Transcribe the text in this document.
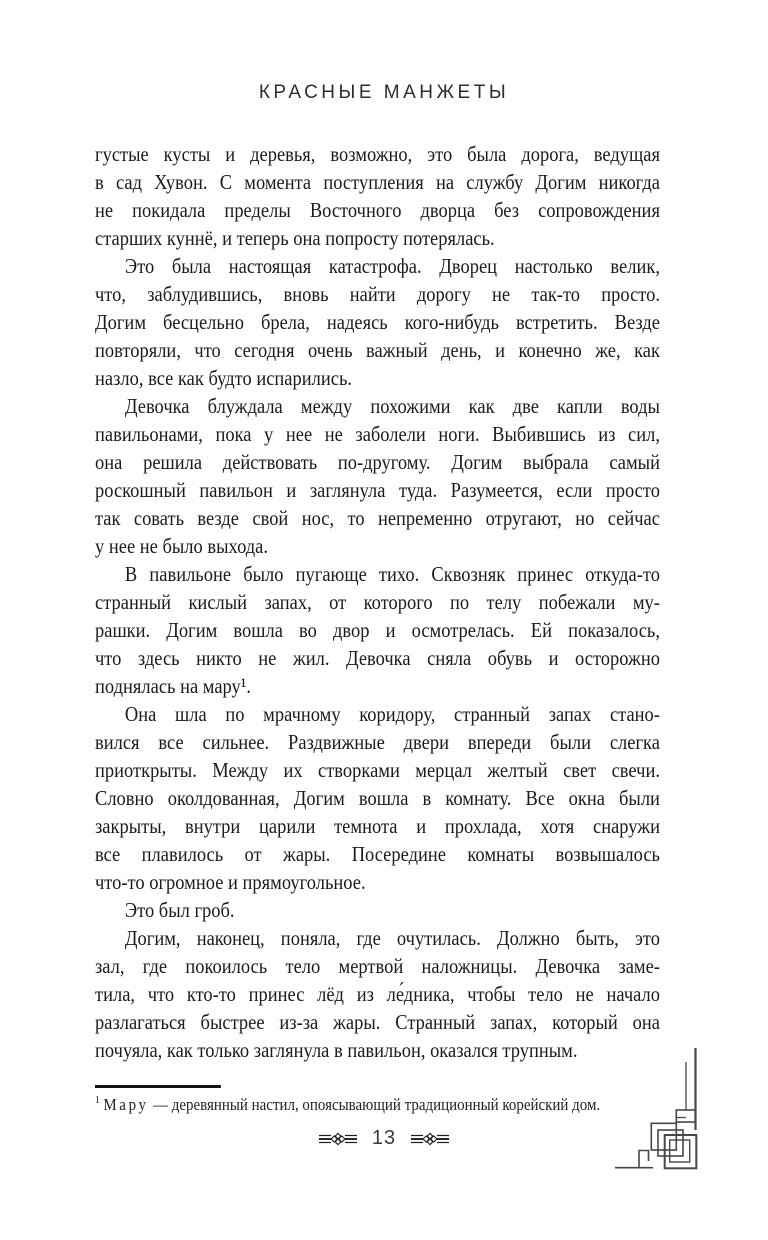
КРАСНЫЕ МАНЖЕТЫ
густые кусты и деревья, возможно, это была дорога, ведущая
в сад Хувон. С момента поступления на службу Догим никогда
не покидала пределы Восточного дворца без сопровождения
старших куннё, и теперь она попросту потерялась.
Это была настоящая катастрофа. Дворец настолько велик,
что, заблудившись, вновь найти дорогу не так-то просто.
Догим бесцельно брела, надеясь кого-нибудь встретить. Везде
повторяли, что сегодня очень важный день, и конечно же, как
назло, все как будто испарились.
Девочка блуждала между похожими как две капли воды
павильонами, пока у нее не заболели ноги. Выбившись из сил,
она решила действовать по-другому. Догим выбрала самый
роскошный павильон и заглянула туда. Разумеется, если просто
так совать везде свой нос, то непременно отругают, но сейчас
у нее не было выхода.
В павильоне было пугающе тихо. Сквозняк принес откуда-то
странный кислый запах, от которого по телу побежали му-
рашки. Догим вошла во двор и осмотрелась. Ей показалось,
что здесь никто не жил. Девочка сняла обувь и осторожно
поднялась на мару¹.
Она шла по мрачному коридору, странный запах стано-
вился все сильнее. Раздвижные двери впереди были слегка
приоткрыты. Между их створками мерцал желтый свет свечи.
Словно околдованная, Догим вошла в комнату. Все окна были
закрыты, внутри царили темнота и прохлада, хотя снаружи
все плавилось от жары. Посередине комнаты возвышалось
что-то огромное и прямоугольное.
Это был гроб.
Догим, наконец, поняла, где очутилась. Должно быть, это
зал, где покоилось тело мертвой наложницы. Девочка заме-
тила, что кто-то принес лёд из ле́дника, чтобы тело не начало
разлагаться быстрее из-за жары. Странный запах, который она
почуяла, как только заглянула в павильон, оказался трупным.
$^1$ Мару — деревянный настил, опоясывающий традиционный корейский дом.
13
